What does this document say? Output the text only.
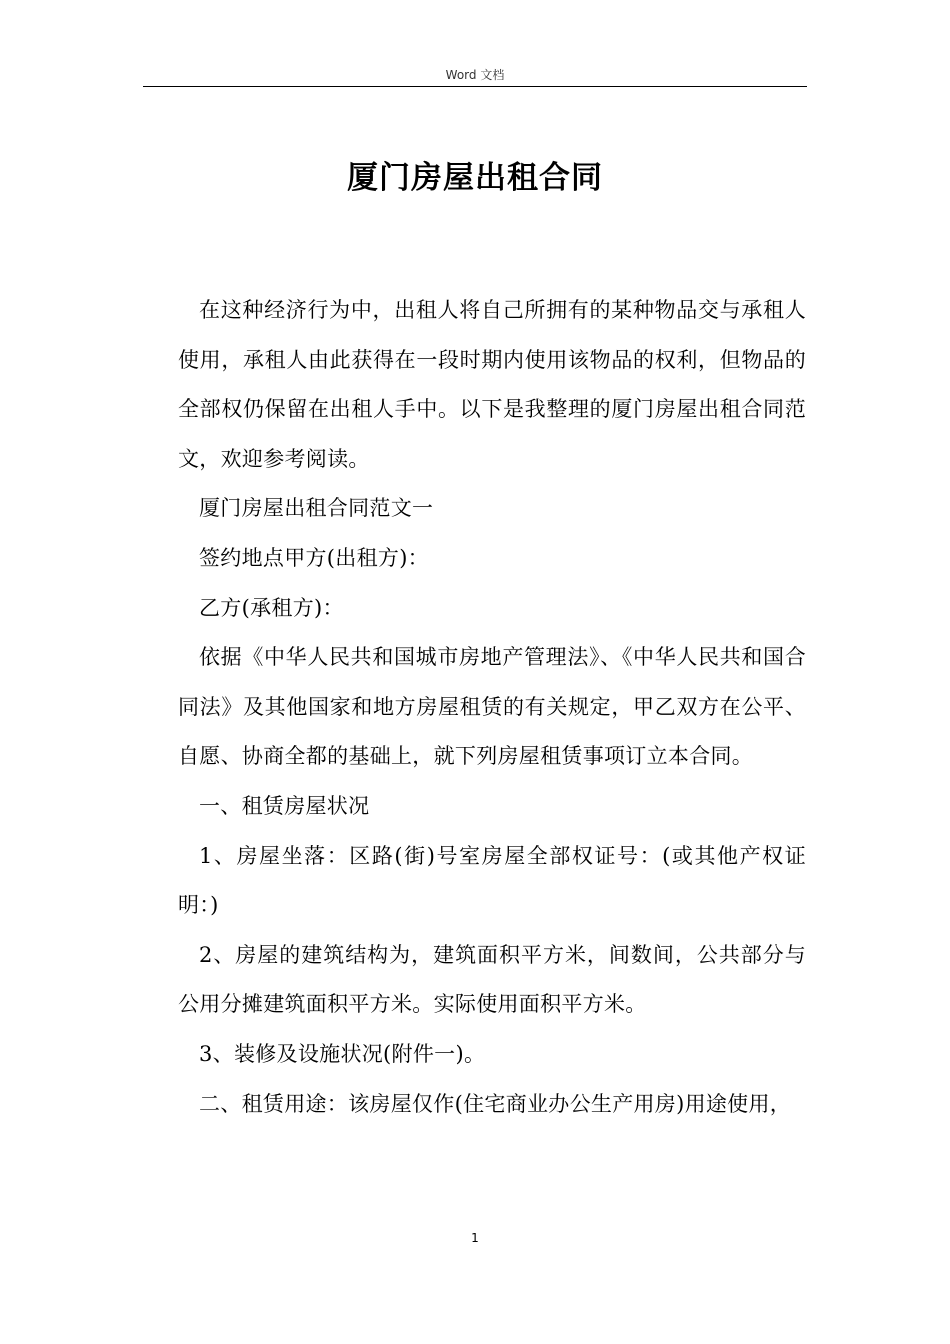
Word 文档
厦门房屋出租合同

在这种经济行为中，出租人将自己所拥有的某种物品交与承租人使用，承租人由此获得在一段时期内使用该物品的权利，但物品的全部权仍保留在出租人手中。以下是我整理的厦门房屋出租合同范文，欢迎参考阅读。

厦门房屋出租合同范文一

签约地点甲方(出租方)：

乙方(承租方)：

依据《中华人民共和国城市房地产管理法》、《中华人民共和国合同法》及其他国家和地方房屋租赁的有关规定，甲乙双方在公平、自愿、协商全都的基础上，就下列房屋租赁事项订立本合同。

一、租赁房屋状况

1、房屋坐落：区路(街)号室房屋全部权证号：(或其他产权证明：)

2、房屋的建筑结构为，建筑面积平方米，间数间，公共部分与公用分摊建筑面积平方米。实际使用面积平方米。

3、装修及设施状况(附件一)。

二、租赁用途：该房屋仅作(住宅商业办公生产用房)用途使用，

1
